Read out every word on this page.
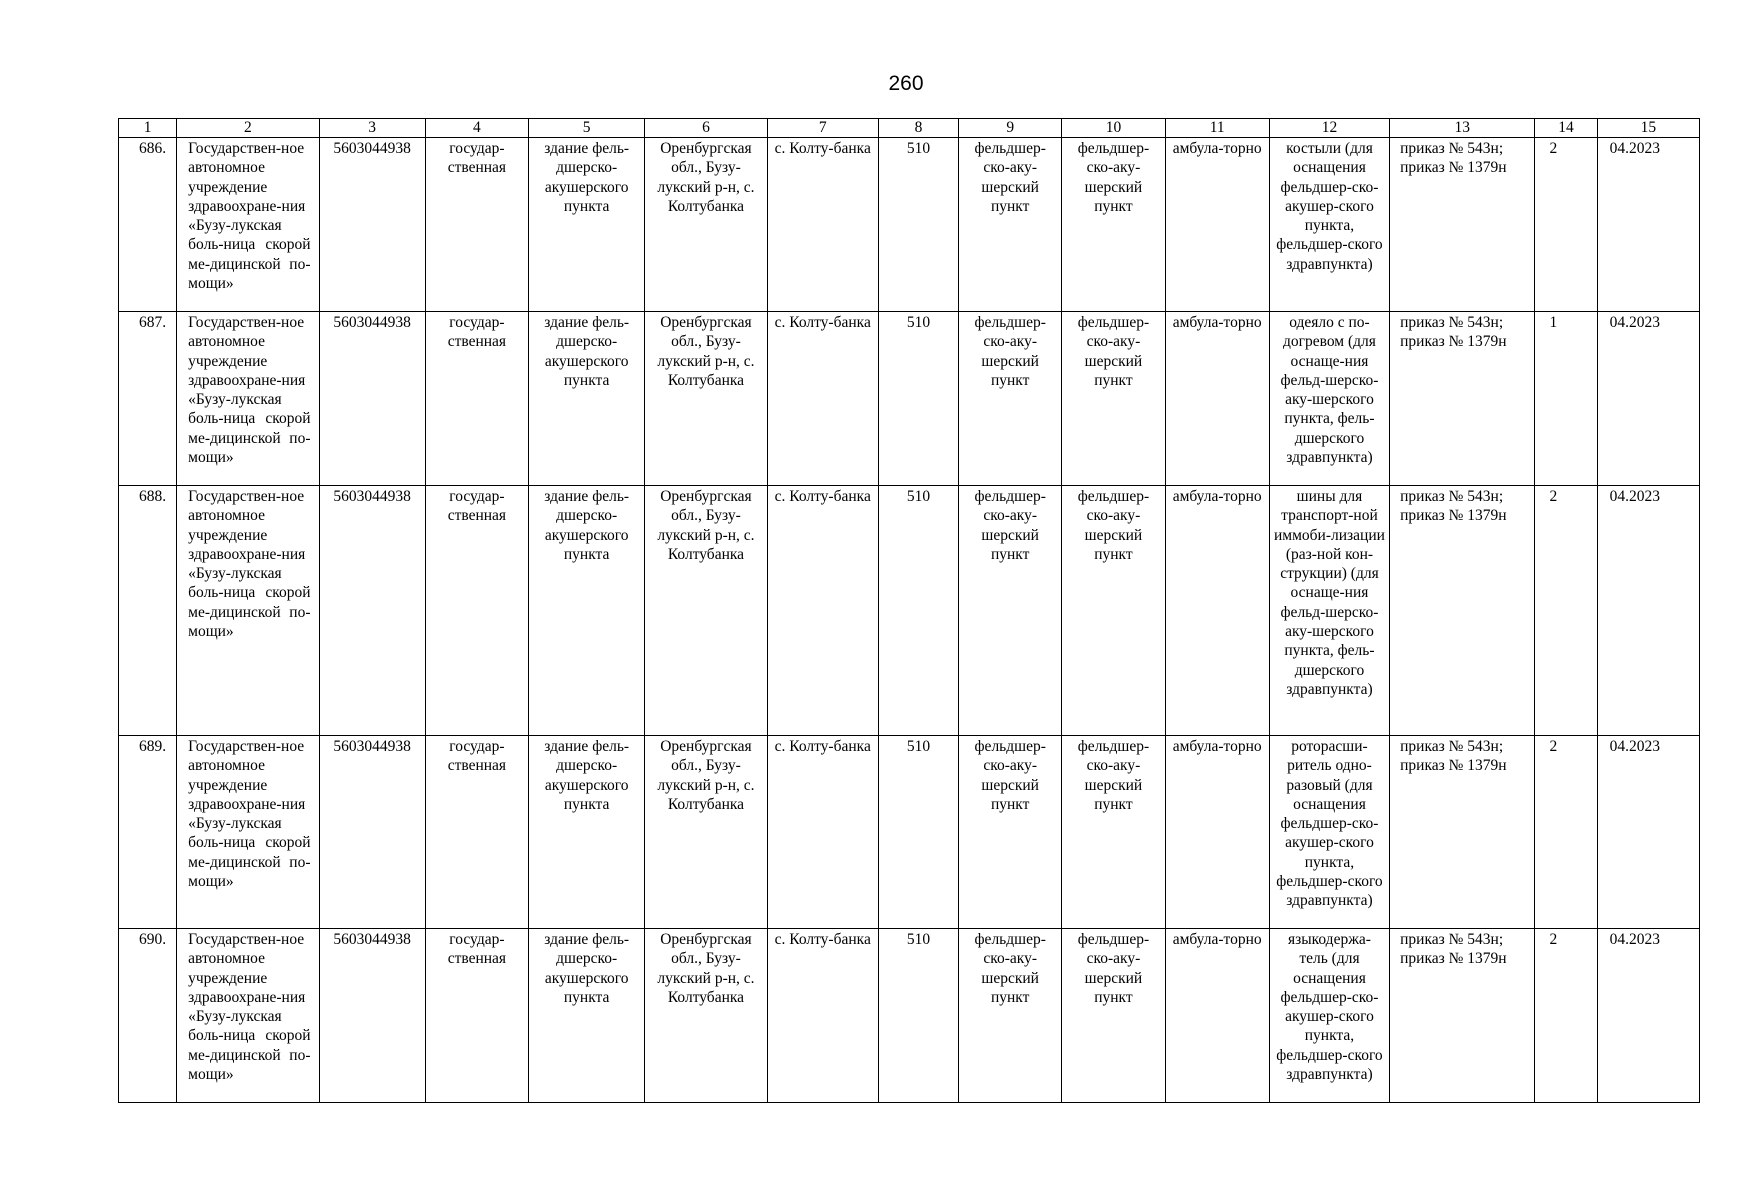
260
1	2	3	4	5	6	7	8	9	10	11	12	13	14	15
686.	Государствен-ное автономное учреждение здравоохране-ния «Бузу-лукская боль-ница скорой ме-дицинской по-мощи»	5603044938	государ-ственная	здание фель-дшерско-акушерского пункта	Оренбургская обл., Бузу-лукский р-н, с. Колтубанка	с. Колту-банка	510	фельдшер-ско-аку-шерский пункт	фельдшер-ско-аку-шерский пункт	амбула-торно	костыли (для оснащения фельдшер-ско-акушер-ского пункта, фельдшер-ского здравпункта)	приказ № 543н; приказ № 1379н	2	04.2023
687.	Государствен-ное автономное учреждение здравоохране-ния «Бузу-лукская боль-ница скорой ме-дицинской по-мощи»	5603044938	государ-ственная	здание фель-дшерско-акушерского пункта	Оренбургская обл., Бузу-лукский р-н, с. Колтубанка	с. Колту-банка	510	фельдшер-ско-аку-шерский пункт	фельдшер-ско-аку-шерский пункт	амбула-торно	одеяло с по-догревом (для оснаще-ния фельд-шерско-аку-шерского пункта, фель-дшерского здравпункта)	приказ № 543н; приказ № 1379н	1	04.2023
688.	Государствен-ное автономное учреждение здравоохране-ния «Бузу-лукская боль-ница скорой ме-дицинской по-мощи»	5603044938	государ-ственная	здание фель-дшерско-акушерского пункта	Оренбургская обл., Бузу-лукский р-н, с. Колтубанка	с. Колту-банка	510	фельдшер-ско-аку-шерский пункт	фельдшер-ско-аку-шерский пункт	амбула-торно	шины для транспорт-ной иммоби-лизации (раз-ной кон-струкции) (для оснаще-ния фельд-шерско-аку-шерского пункта, фель-дшерского здравпункта)	приказ № 543н; приказ № 1379н	2	04.2023
689.	Государствен-ное автономное учреждение здравоохране-ния «Бузу-лукская боль-ница скорой ме-дицинской по-мощи»	5603044938	государ-ственная	здание фель-дшерско-акушерского пункта	Оренбургская обл., Бузу-лукский р-н, с. Колтубанка	с. Колту-банка	510	фельдшер-ско-аку-шерский пункт	фельдшер-ско-аку-шерский пункт	амбула-торно	роторасши-ритель одно-разовый (для оснащения фельдшер-ско-акушер-ского пункта, фельдшер-ского здравпункта)	приказ № 543н; приказ № 1379н	2	04.2023
690.	Государствен-ное автономное учреждение здравоохране-ния «Бузу-лукская боль-ница скорой ме-дицинской по-мощи»	5603044938	государ-ственная	здание фель-дшерско-акушерского пункта	Оренбургская обл., Бузу-лукский р-н, с. Колтубанка	с. Колту-банка	510	фельдшер-ско-аку-шерский пункт	фельдшер-ско-аку-шерский пункт	амбула-торно	языкодержа-тель (для оснащения фельдшер-ско-акушер-ского пункта, фельдшер-ского здравпункта)	приказ № 543н; приказ № 1379н	2	04.2023
